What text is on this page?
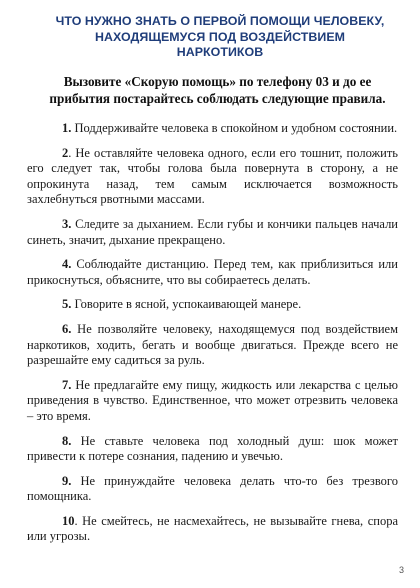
ЧТО НУЖНО ЗНАТЬ О ПЕРВОЙ ПОМОЩИ ЧЕЛОВЕКУ,
НАХОДЯЩЕМУСЯ ПОД ВОЗДЕЙСТВИЕМ
НАРКОТИКОВ

Вызовите «Скорую помощь» по телефону 03 и до ее
прибытия постарайтесь соблюдать следующие правила.

1. Поддерживайте человека в спокойном и удобном состоянии.
2. Не оставляйте человека одного, если его тошнит, положить его следует так, чтобы голова была повернута в сторону, а не опрокинута назад, тем самым исключается возможность захлебнуться рвотными массами.
3. Следите за дыханием. Если губы и кончики пальцев начали синеть, значит, дыхание прекращено.
4. Соблюдайте дистанцию. Перед тем, как приблизиться или прикоснуться, объясните, что вы собираетесь делать.
5. Говорите в ясной, успокаивающей манере.
6. Не позволяйте человеку, находящемуся под воздействием наркотиков, ходить, бегать и вообще двигаться. Прежде всего не разрешайте ему садиться за руль.
7. Не предлагайте ему пищу, жидкость или лекарства с целью приведения в чувство. Единственное, что может отрезвить человека – это время.
8. Не ставьте человека под холодный душ: шок может привести к потере сознания, падению и увечью.
9. Не принуждайте человека делать что-то без трезвого помощника.
10. Не смейтесь, не насмехайтесь, не вызывайте гнева, спора или угрозы.
3
